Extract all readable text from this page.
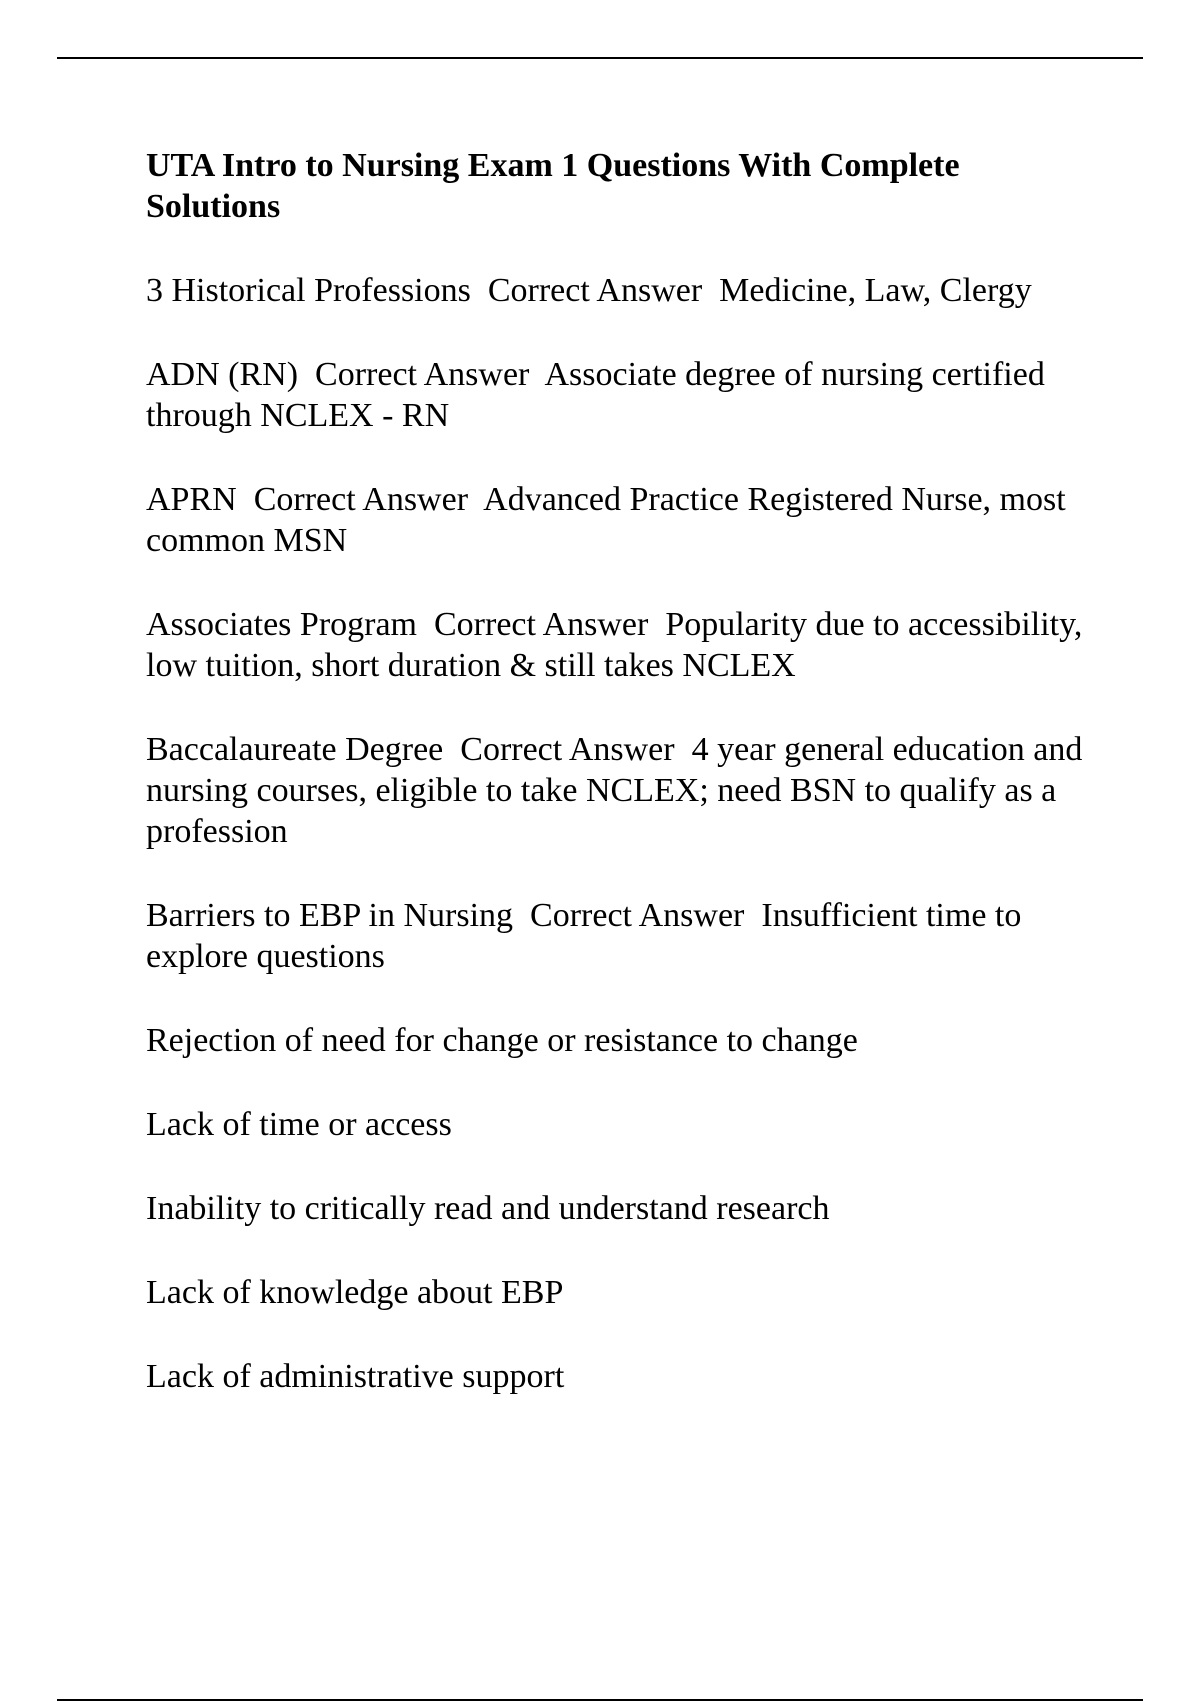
UTA Intro to Nursing Exam 1 Questions With Complete Solutions

3 Historical Professions  Correct Answer  Medicine, Law, Clergy

ADN (RN)  Correct Answer  Associate degree of nursing certified through NCLEX - RN

APRN  Correct Answer  Advanced Practice Registered Nurse, most common MSN

Associates Program  Correct Answer  Popularity due to accessibility, low tuition, short duration & still takes NCLEX

Baccalaureate Degree  Correct Answer  4 year general education and nursing courses, eligible to take NCLEX; need BSN to qualify as a profession

Barriers to EBP in Nursing  Correct Answer  Insufficient time to explore questions

Rejection of need for change or resistance to change

Lack of time or access

Inability to critically read and understand research

Lack of knowledge about EBP

Lack of administrative support
